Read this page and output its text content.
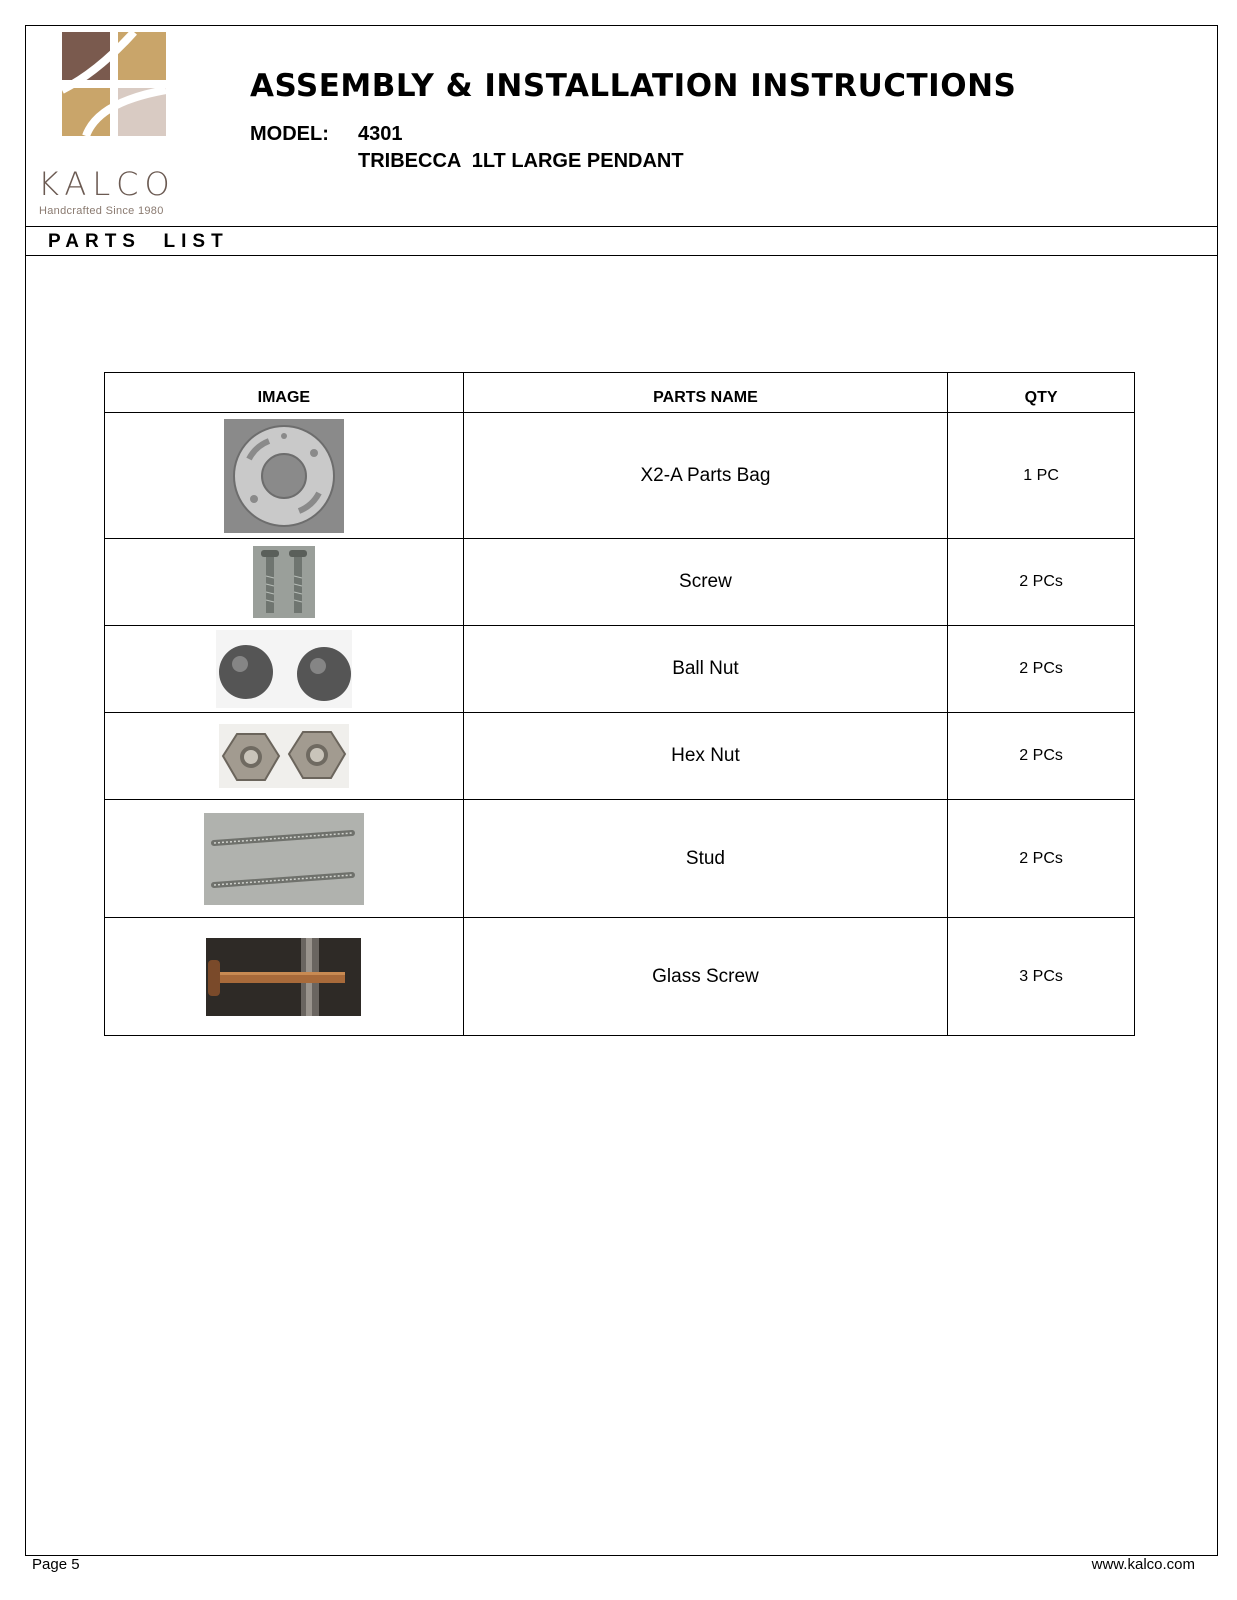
KALCO
Handcrafted Since 1980
ASSEMBLY & INSTALLATION INSTRUCTIONS
MODEL: 4301
TRIBECCA  1LT LARGE PENDANT
PARTS  LIST
IMAGE	PARTS NAME	QTY
	X2-A Parts Bag	1 PC
	Screw	2 PCs
	Ball Nut	2 PCs
	Hex Nut	2 PCs
	Stud	2 PCs
	Glass Screw	3 PCs
Page 5	www.kalco.com
